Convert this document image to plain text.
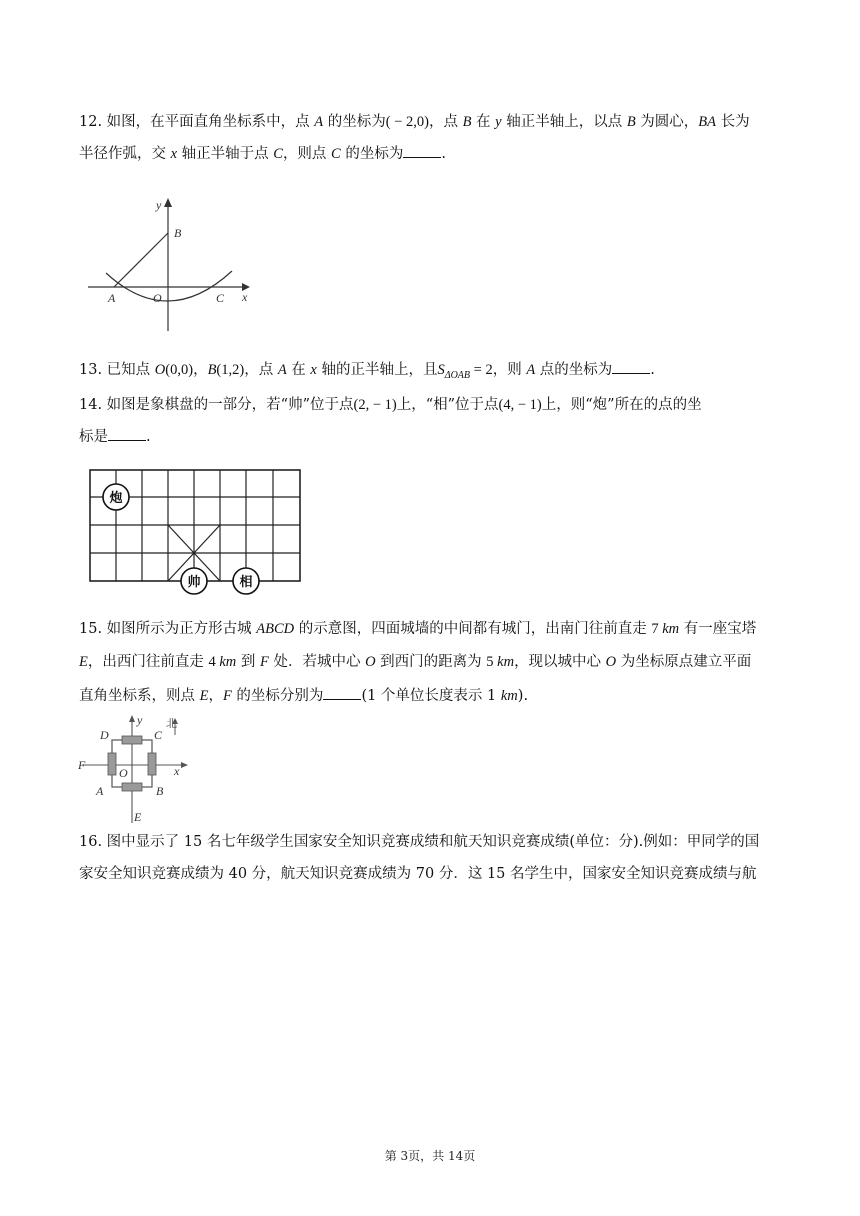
12. 如图，在平面直角坐标系中，点 A 的坐标为( − 2,0)，点 B 在 y 轴正半轴上，以点 B 为圆心，BA 长为

半径作弧，交 x 轴正半轴于点 C，则点 C 的坐标为	.

y
x
B
A	O	C

13. 已知点 O(0,0)，B(1,2)，点 A 在 x 轴的正半轴上，且$S_{\Delta OAB} = 2$，则 A 点的坐标为	.

14. 如图是象棋盘的一部分，若“帅”位于点(2, − 1)上，“相”位于点(4, − 1)上，则“炮”所在的点的坐

标是	.

炮
帅	相

15. 如图所示为正方形古城 ABCD 的示意图，四面城墙的中间都有城门，出南门往前直走 7 km 有一座宝塔

E，出西门往前直走 4 km 到 F 处．若城中心 O 到西门的距离为 5 km，现以城中心 O 为坐标原点建立平面

直角坐标系，则点 E，F 的坐标分别为	(1 个单位长度表示 1 km).

D
y 北
C
F
O	x
A	B
E

16. 图中显示了 15 名七年级学生国家安全知识竞赛成绩和航天知识竞赛成绩(单位：分).例如：甲同学的国

家安全知识竞赛成绩为 40 分，航天知识竞赛成绩为 70 分．这 15 名学生中，国家安全知识竞赛成绩与航

第 3页，共 14页
